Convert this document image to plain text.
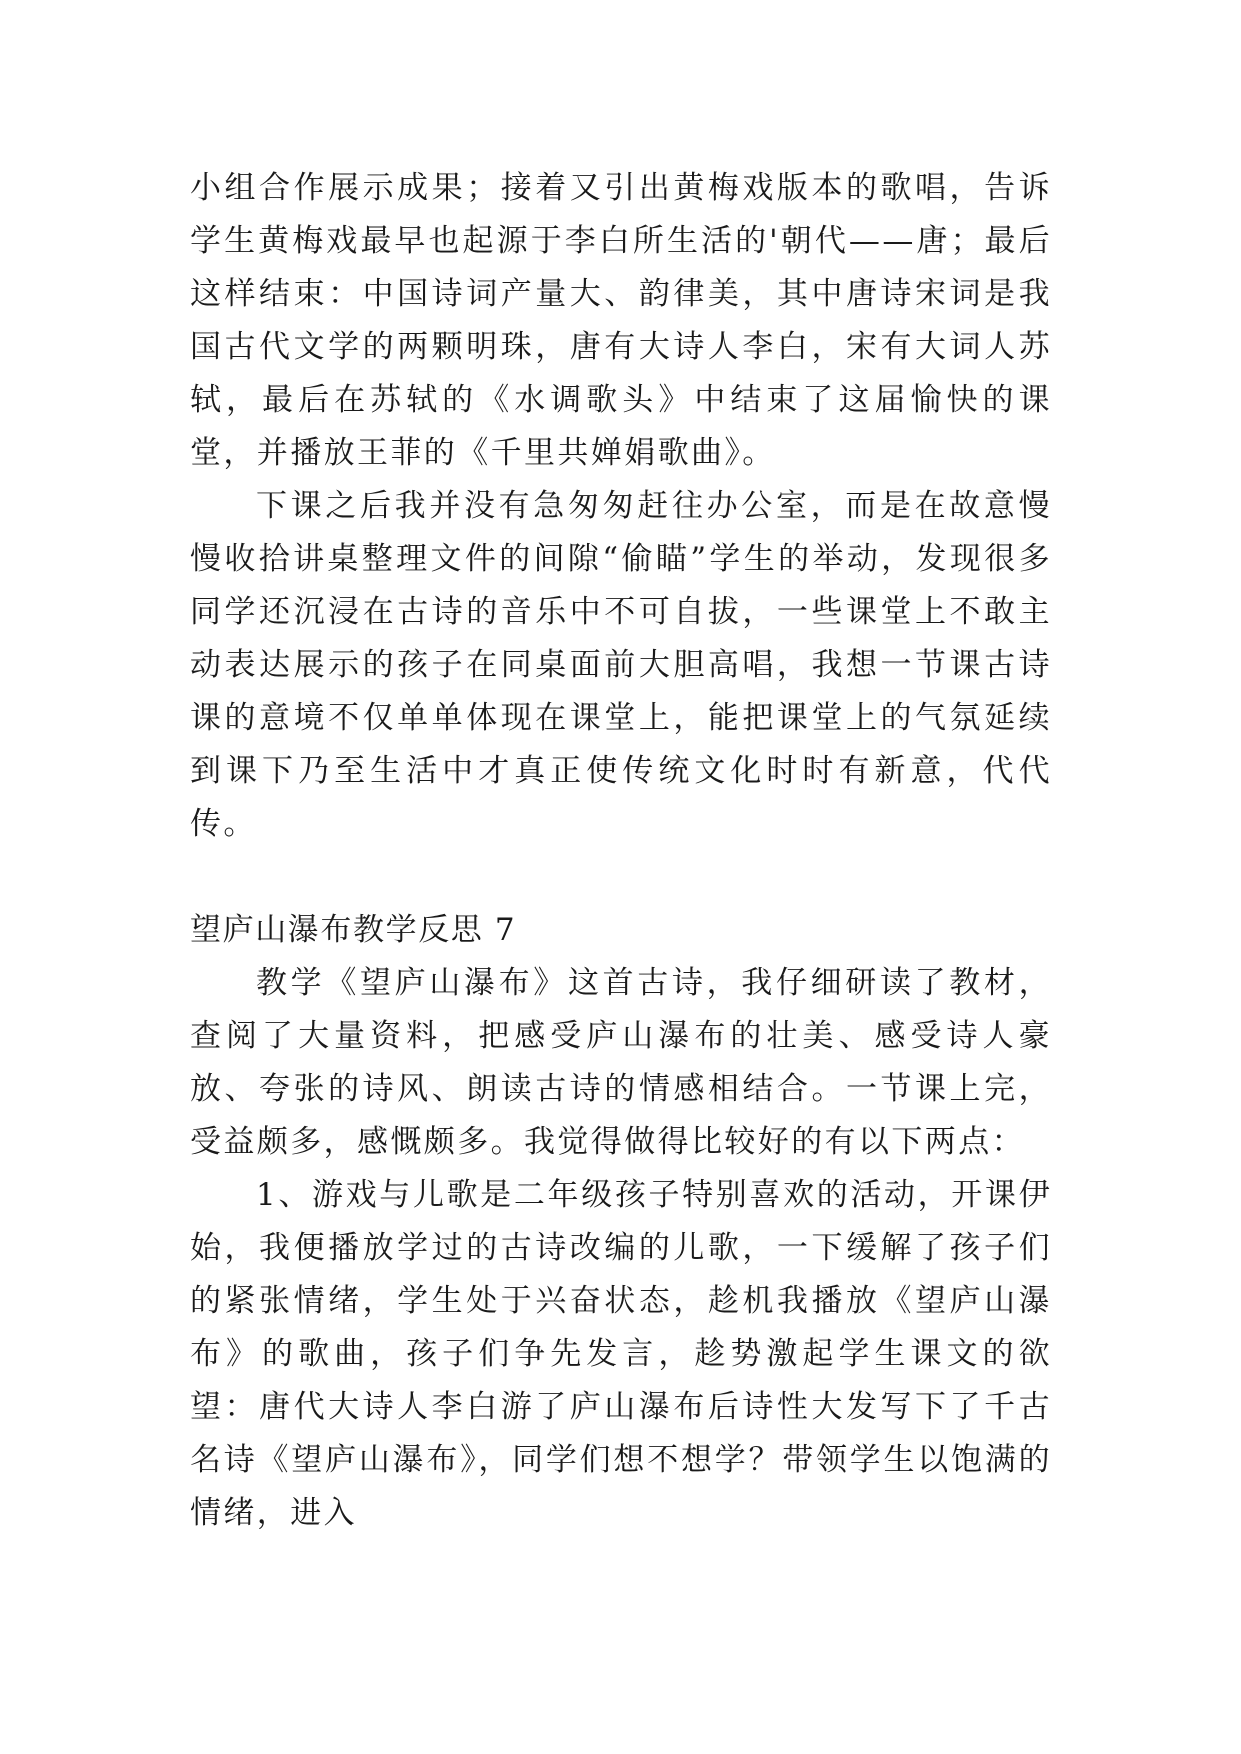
小组合作展示成果；接着又引出黄梅戏版本的歌唱，告诉学生黄梅戏最早也起源于李白所生活的'朝代——唐；最后这样结束：中国诗词产量大、韵律美，其中唐诗宋词是我国古代文学的两颗明珠，唐有大诗人李白，宋有大词人苏轼，最后在苏轼的《水调歌头》中结束了这届愉快的课堂，并播放王菲的《千里共婵娟歌曲》。

下课之后我并没有急匆匆赶往办公室，而是在故意慢慢收拾讲桌整理文件的间隙“偷瞄”学生的举动，发现很多同学还沉浸在古诗的音乐中不可自拔，一些课堂上不敢主动表达展示的孩子在同桌面前大胆高唱，我想一节课古诗课的意境不仅单单体现在课堂上，能把课堂上的气氛延续到课下乃至生活中才真正使传统文化时时有新意，代代传。

望庐山瀑布教学反思 7

教学《望庐山瀑布》这首古诗，我仔细研读了教材，查阅了大量资料，把感受庐山瀑布的壮美、感受诗人豪放、夸张的诗风、朗读古诗的情感相结合。一节课上完，受益颇多，感慨颇多。我觉得做得比较好的有以下两点：

1、游戏与儿歌是二年级孩子特别喜欢的活动，开课伊始，我便播放学过的古诗改编的儿歌，一下缓解了孩子们的紧张情绪，学生处于兴奋状态，趁机我播放《望庐山瀑布》的歌曲，孩子们争先发言，趁势激起学生课文的欲望：唐代大诗人李白游了庐山瀑布后诗性大发写下了千古名诗《望庐山瀑布》，同学们想不想学？带领学生以饱满的情绪，进入
